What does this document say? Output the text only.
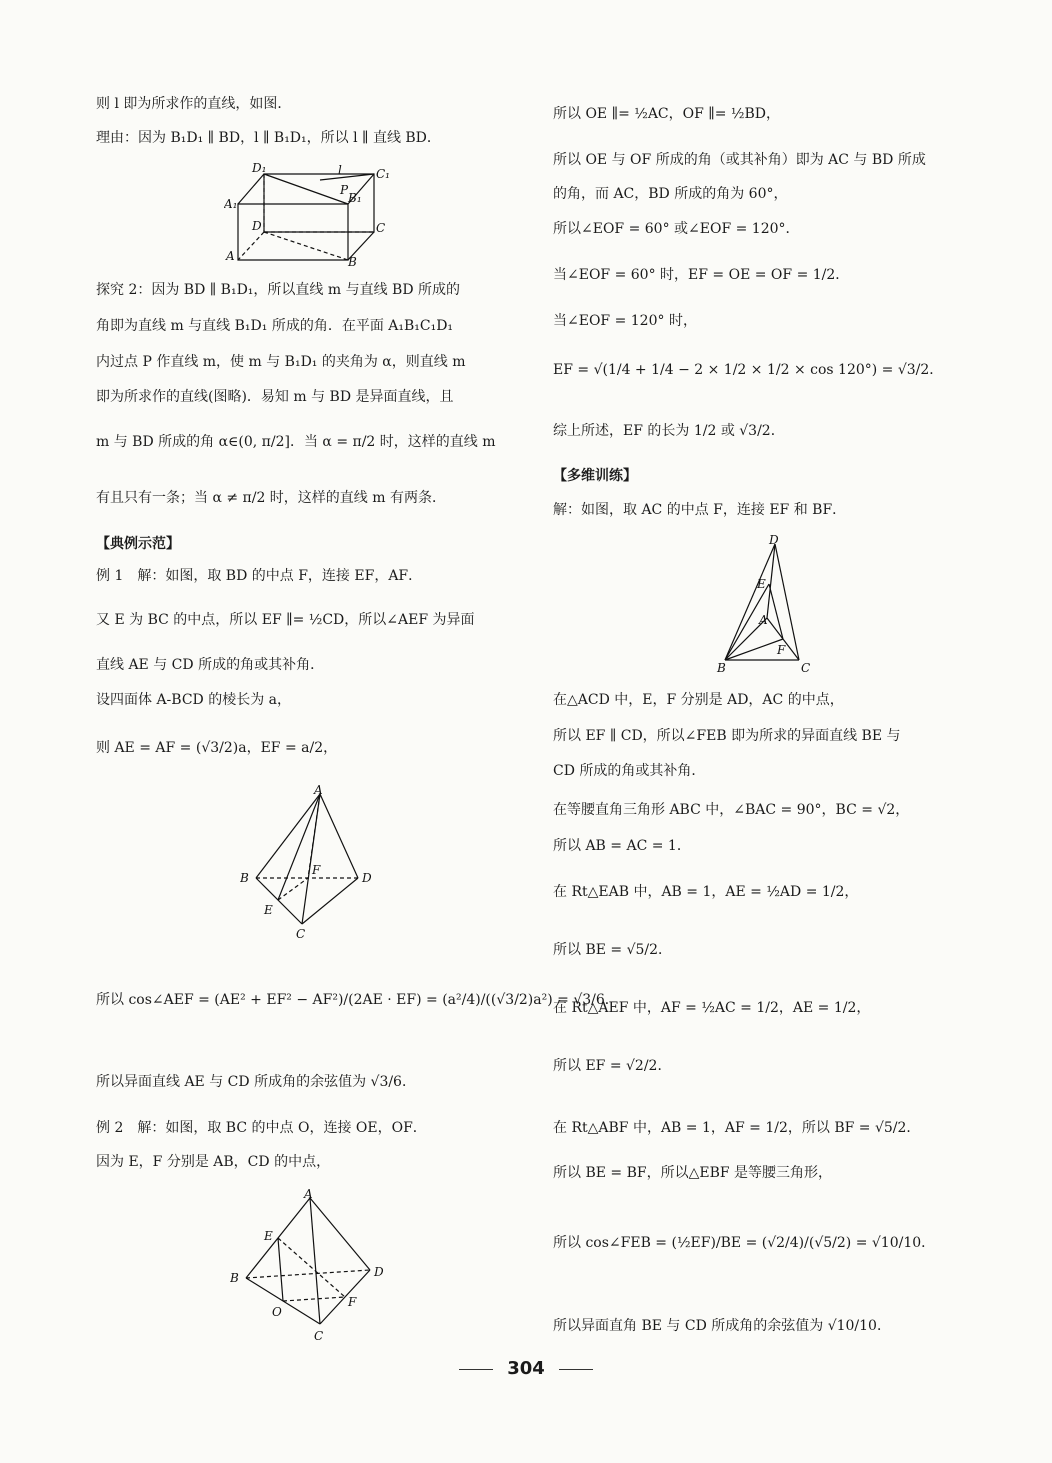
则 l 即为所求作的直线，如图．
理由：因为 B₁D₁ ∥ BD，l ∥ B₁D₁，所以 l ∥ 直线 BD．
D₁	C₁
A₁	B₁
l
P
D	C
A	B
探究 2：因为 BD ∥ B₁D₁，所以直线 m 与直线 BD 所成的
角即为直线 m 与直线 B₁D₁ 所成的角．在平面 A₁B₁C₁D₁
内过点 P 作直线 m，使 m 与 B₁D₁ 的夹角为 α，则直线 m
即为所求作的直线(图略)．易知 m 与 BD 是异面直线，且
m 与 BD 所成的角 α∈(0, π/2]．当 α = π/2 时，这样的直线 m
有且只有一条；当 α ≠ π/2 时，这样的直线 m 有两条．
【典例示范】
例 1　解：如图，取 BD 的中点 F，连接 EF，AF．
又 E 为 BC 的中点，所以 EF ∥= ½CD，所以∠AEF 为异面
直线 AE 与 CD 所成的角或其补角．
设四面体 A-BCD 的棱长为 a，
则 AE = AF = (√3/2)a，EF = a/2，
A
B
F
D
E
C
所以 cos∠AEF = (AE² + EF² − AF²)/(2AE · EF) = (a²/4)/((√3/2)a²) = √3/6．
所以异面直线 AE 与 CD 所成角的余弦值为 √3/6．
例 2　解：如图，取 BC 的中点 O，连接 OE，OF．
因为 E，F 分别是 AB，CD 的中点，
A
E
B	D
O
F
C
所以 OE ∥= ½AC，OF ∥= ½BD，
所以 OE 与 OF 所成的角（或其补角）即为 AC 与 BD 所成
的角，而 AC，BD 所成的角为 60°，
所以∠EOF = 60° 或∠EOF = 120°．
当∠EOF = 60° 时，EF = OE = OF = 1/2．
当∠EOF = 120° 时，
EF = √(1/4 + 1/4 − 2 × 1/2 × 1/2 × cos 120°) = √3/2．
综上所述，EF 的长为 1/2 或 √3/2．
【多维训练】
解：如图，取 AC 的中点 F，连接 EF 和 BF．
D
E
A
F
B	C
在△ACD 中，E，F 分别是 AD，AC 的中点，
所以 EF ∥ CD，所以∠FEB 即为所求的异面直线 BE 与
CD 所成的角或其补角．
在等腰直角三角形 ABC 中，∠BAC = 90°，BC = √2，
所以 AB = AC = 1．
在 Rt△EAB 中，AB = 1，AE = ½AD = 1/2，
所以 BE = √5/2．
在 Rt△AEF 中，AF = ½AC = 1/2，AE = 1/2，
所以 EF = √2/2．
在 Rt△ABF 中，AB = 1，AF = 1/2，所以 BF = √5/2．
所以 BE = BF，所以△EBF 是等腰三角形，
所以 cos∠FEB = (½EF)/BE = (√2/4)/(√5/2) = √10/10．
所以异面直角 BE 与 CD 所成角的余弦值为 √10/10．
304
